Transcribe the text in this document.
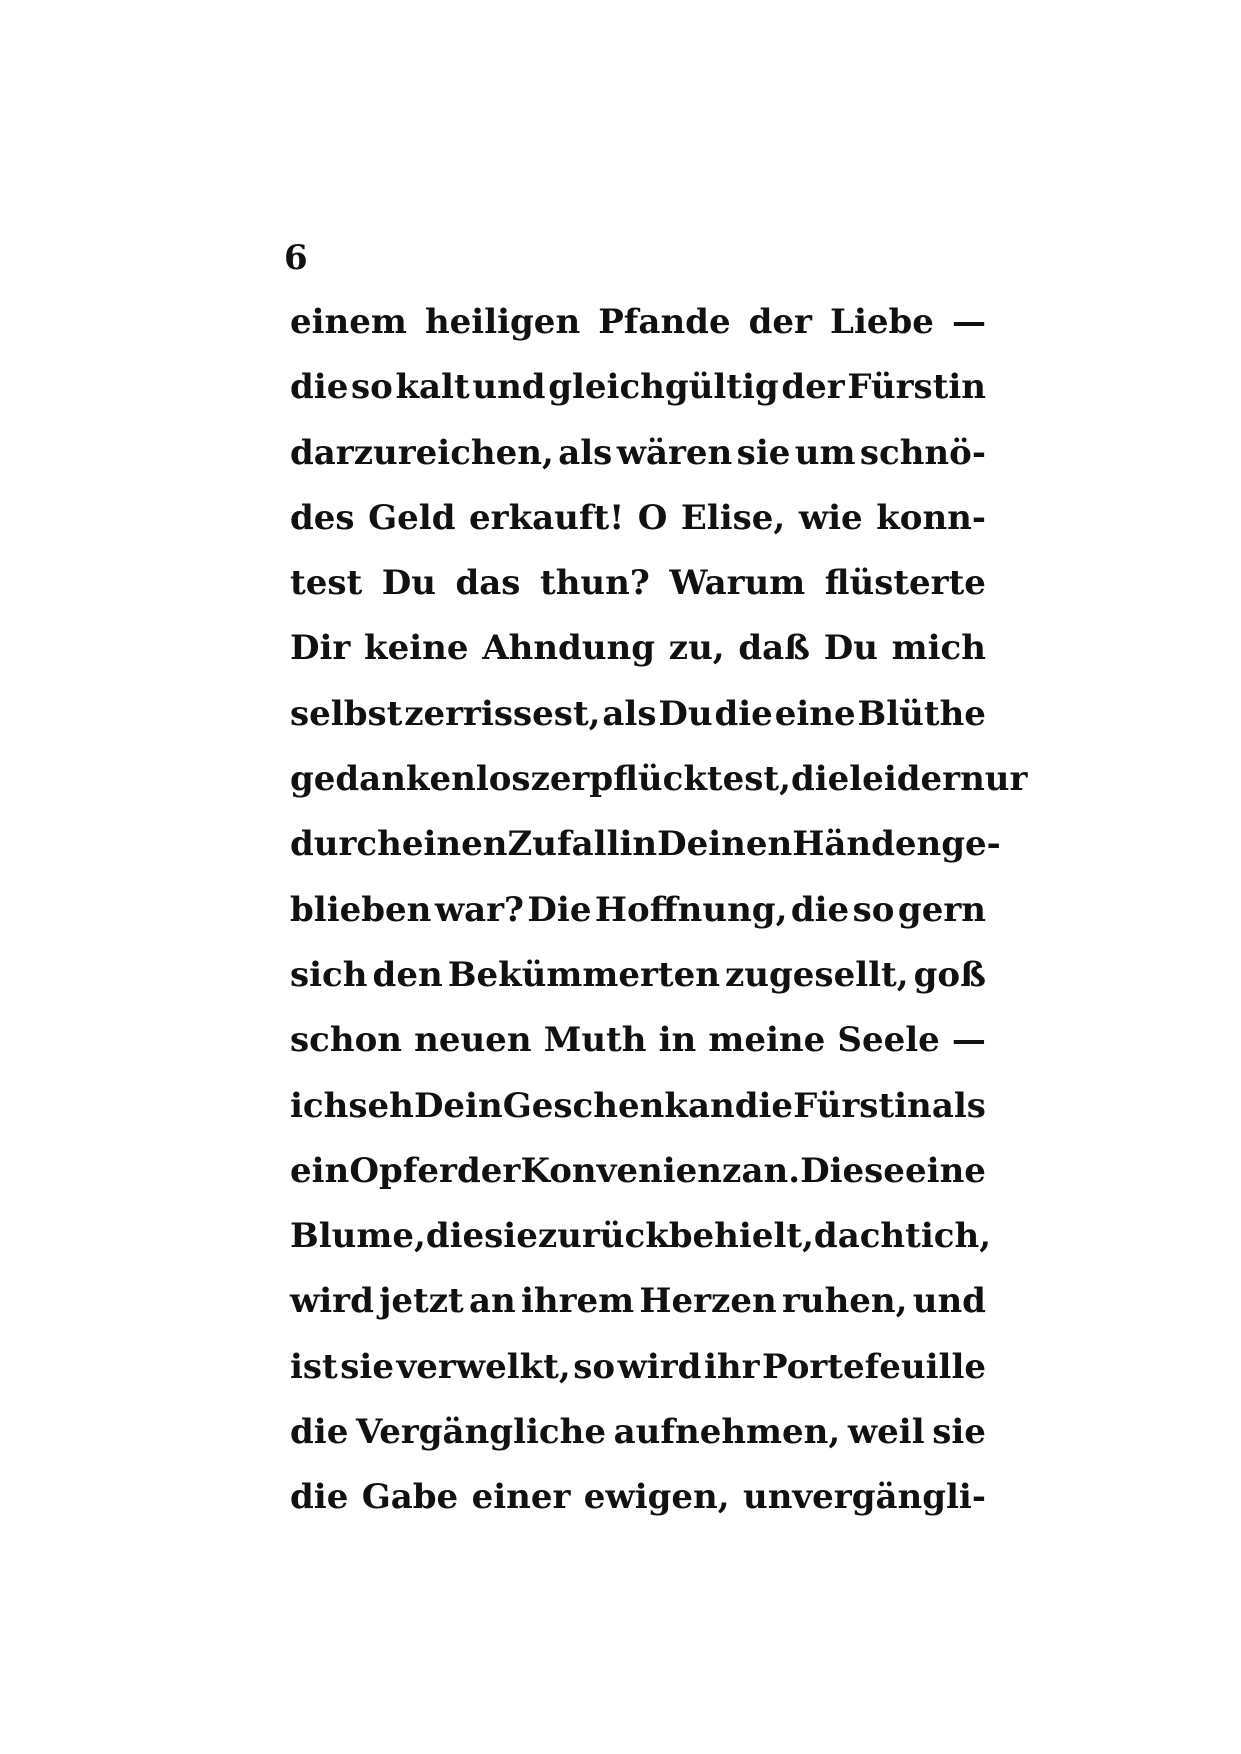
6
einem heiligen Pfande der Liebe —
die so kalt und gleichgültig der Fürstin
darzureichen, als wären sie um schnö-
des Geld erkauft! O Elise, wie konn-
test Du das thun? Warum flüsterte
Dir keine Ahndung zu, daß Du mich
selbst zerrissest, als Du die eine Blüthe
gedankenlos zerpflücktest, die leider nur
durch einen Zufall in Deinen Händen ge-
blieben war? Die Hoffnung, die so gern
sich den Bekümmerten zugesellt, goß
schon neuen Muth in meine Seele —
ich seh Dein Geschenk an die Fürstin als
ein Opfer der Konvenienz an. Diese eine
Blume, die sie zurück behielt, dacht ich,
wird jetzt an ihrem Herzen ruhen, und
ist sie verwelkt, so wird ihr Portefeuille
die Vergängliche aufnehmen, weil sie
die Gabe einer ewigen, unvergängli-
